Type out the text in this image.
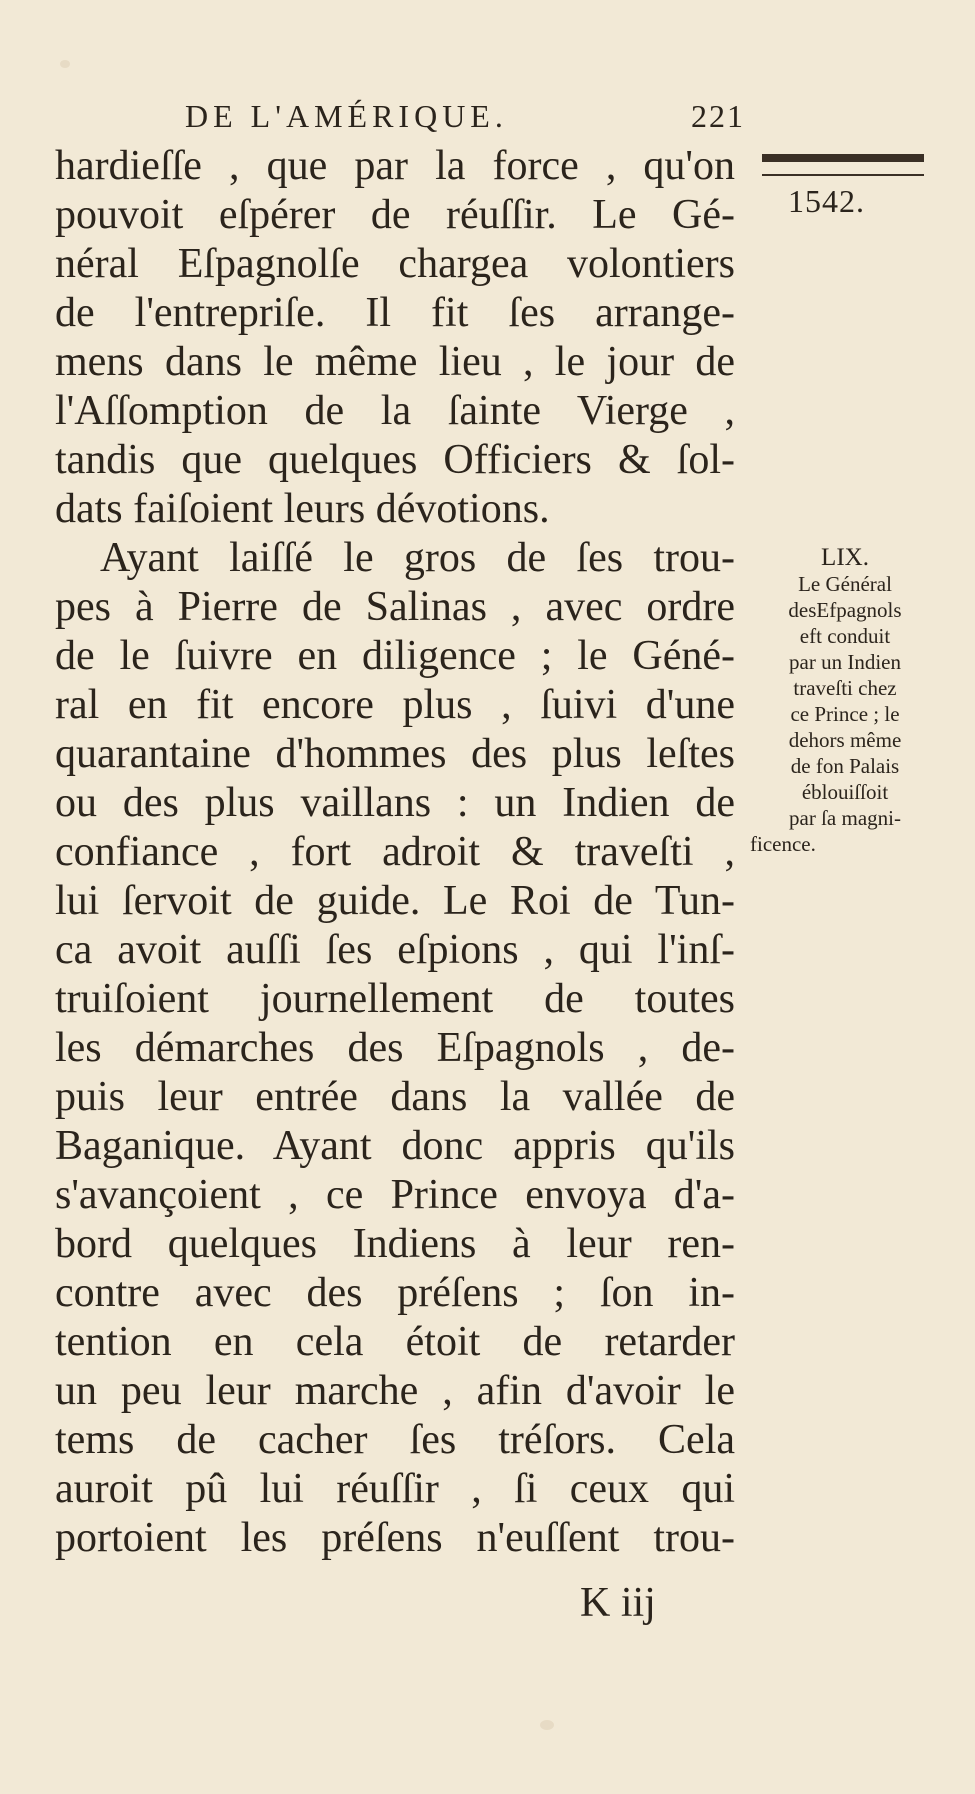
DE L'AMÉRIQUE.	221
1542.
hardieſſe , que par la force , qu'on
pouvoit eſpérer de réuſſir. Le Gé-
néral Eſpagnolſe chargea volontiers
de l'entrepriſe. Il fit ſes arrange-
mens dans le même lieu , le jour de
l'Aſſomption de la ſainte Vierge ,
tandis que quelques Officiers & ſol-
dats faiſoient leurs dévotions.
Ayant laiſſé le gros de ſes trou-
pes à Pierre de Salinas , avec ordre
de le ſuivre en diligence ; le Géné-
ral en fit encore plus , ſuivi d'une
quarantaine d'hommes des plus leſtes
ou des plus vaillans : un Indien de
confiance , fort adroit & traveſti ,
lui ſervoit de guide. Le Roi de Tun-
ca avoit auſſi ſes eſpions , qui l'inſ-
truiſoient journellement de toutes
les démarches des Eſpagnols , de-
puis leur entrée dans la vallée de
Baganique. Ayant donc appris qu'ils
s'avançoient , ce Prince envoya d'a-
bord quelques Indiens à leur ren-
contre avec des préſens ; ſon in-
tention en cela étoit de retarder
un peu leur marche , afin d'avoir le
tems de cacher ſes tréſors. Cela
auroit pû lui réuſſir , ſi ceux qui
portoient les préſens n'euſſent trou-
LIX.
Le Général
desEfpagnols
eft conduit
par un Indien
traveſti chez
ce Prince ; le
dehors même
de fon Palais
éblouiſſoit
par ſa magni-
ficence.
K iij
